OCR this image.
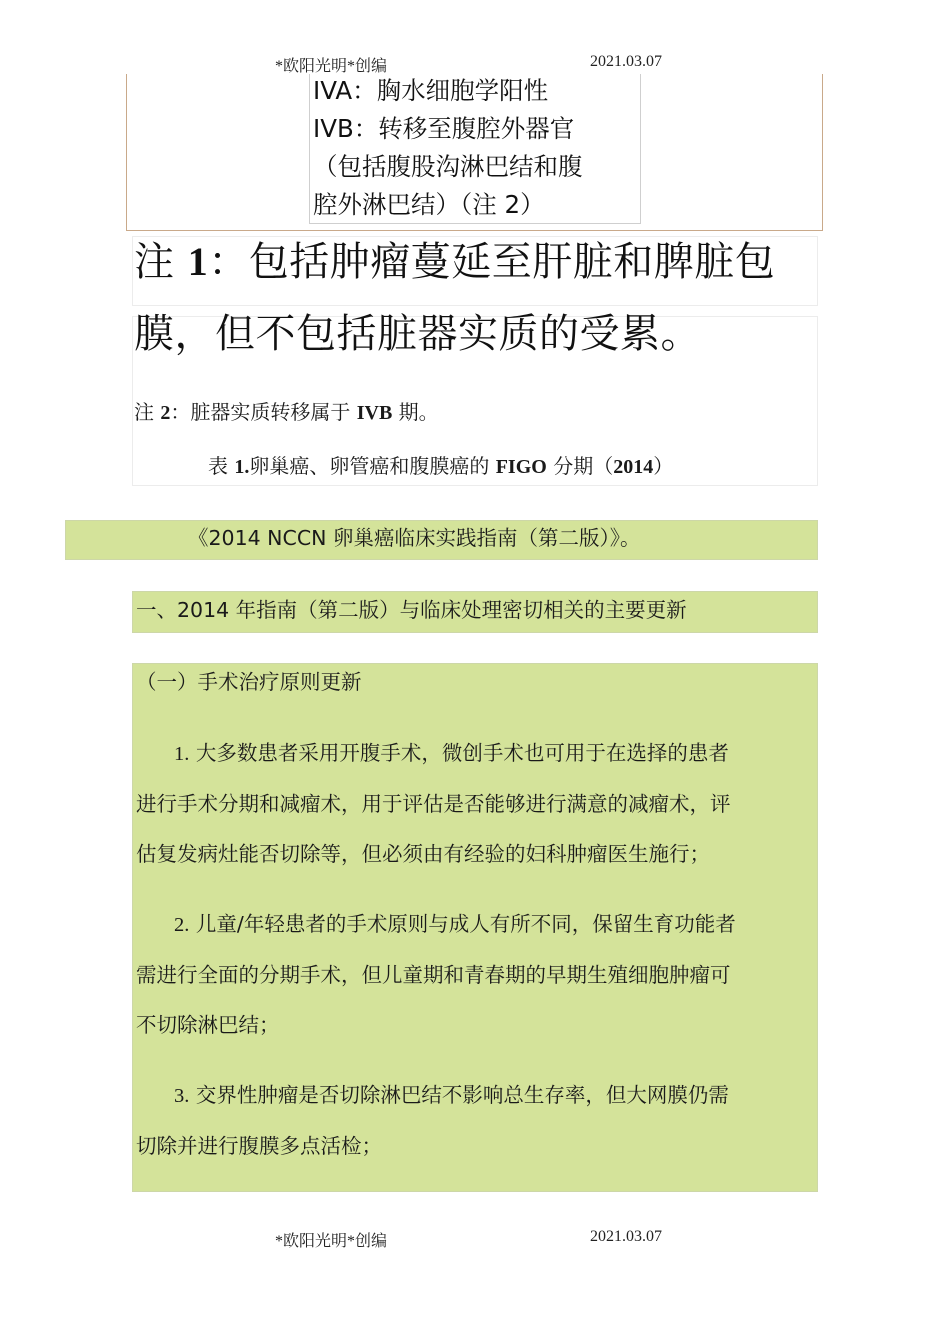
*欧阳光明*创编	2021.03.07
IVA：胸水细胞学阳性
IVB：转移至腹腔外器官
（包括腹股沟淋巴结和腹
腔外淋巴结）（注 2）
注 1：包括肿瘤蔓延至肝脏和脾脏包
膜，但不包括脏器实质的受累。
注 2：脏器实质转移属于 IVB 期。
表 1.卵巢癌、卵管癌和腹膜癌的 FIGO 分期（2014）
《2014 NCCN 卵巢癌临床实践指南（第二版）》。
一、2014 年指南（第二版）与临床处理密切相关的主要更新
（一）手术治疗原则更新
1. 大多数患者采用开腹手术，微创手术也可用于在选择的患者
进行手术分期和减瘤术，用于评估是否能够进行满意的减瘤术，评
估复发病灶能否切除等，但必须由有经验的妇科肿瘤医生施行；
2. 儿童/年轻患者的手术原则与成人有所不同，保留生育功能者
需进行全面的分期手术，但儿童期和青春期的早期生殖细胞肿瘤可
不切除淋巴结；
3. 交界性肿瘤是否切除淋巴结不影响总生存率，但大网膜仍需
切除并进行腹膜多点活检；
*欧阳光明*创编	2021.03.07
